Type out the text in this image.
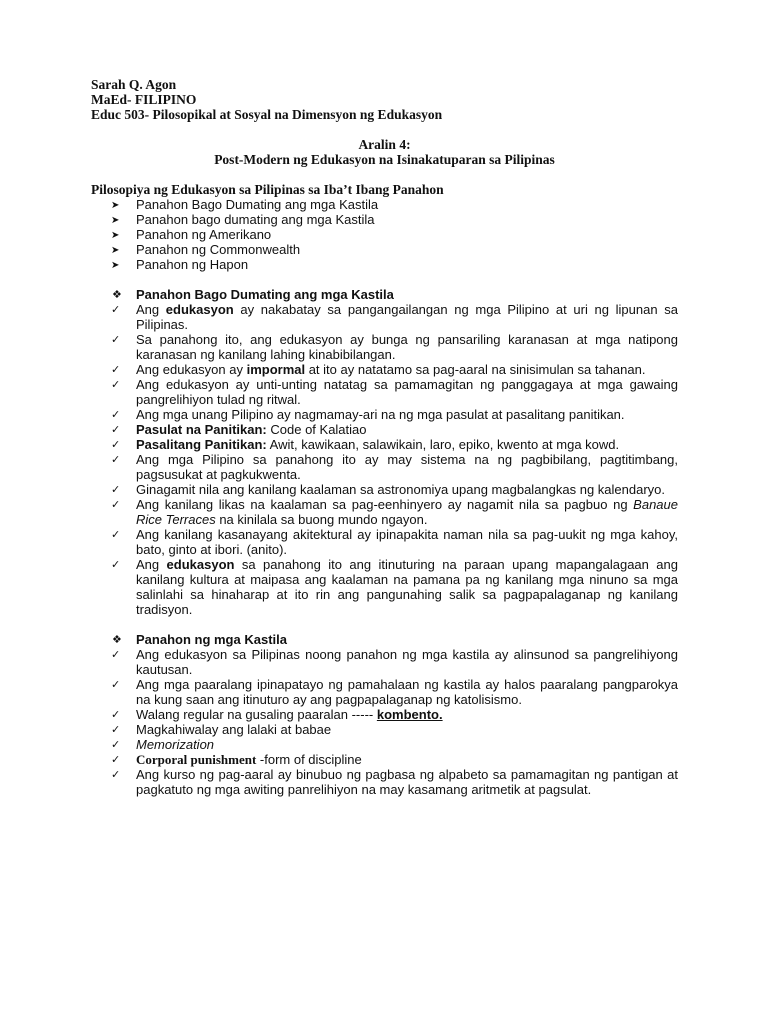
Sarah Q. Agon
MaEd- FILIPINO
Educ 503- Pilosopikal at Sosyal na Dimensyon ng Edukasyon
Aralin 4:
Post-Modern ng Edukasyon na Isinakatuparan sa Pilipinas
Pilosopiya ng Edukasyon sa Pilipinas sa Iba’t Ibang Panahon
➤	Panahon Bago Dumating ang mga Kastila
➤	Panahon bago dumating ang mga Kastila
➤	Panahon ng Amerikano
➤	Panahon ng Commonwealth
➤	Panahon ng Hapon
❖ Panahon Bago Dumating ang mga Kastila
✓	Ang edukasyon ay nakabatay sa pangangailangan ng mga Pilipino at uri ng lipunan sa Pilipinas.
✓	Sa panahong ito, ang edukasyon ay bunga ng pansariling karanasan at mga natipong karanasan ng kanilang lahing kinabibilangan.
✓	Ang edukasyon ay impormal at ito ay natatamo sa pag-aaral na sinisimulan sa tahanan.
✓	Ang edukasyon ay unti-unting natatag sa pamamagitan ng panggagaya at mga gawaing pangrelihiyon tulad ng ritwal.
✓	Ang mga unang Pilipino ay nagmamay-ari na ng mga pasulat at pasalitang panitikan.
✓	Pasulat na Panitikan: Code of Kalatiao
✓	Pasalitang Panitikan: Awit, kawikaan, salawikain, laro, epiko, kwento at mga kowd.
✓	Ang mga Pilipino sa panahong ito ay may sistema na ng pagbibilang, pagtitimbang, pagsusukat at pagkukwenta.
✓	Ginagamit nila ang kanilang kaalaman sa astronomiya upang magbalangkas ng kalendaryo.
✓	Ang kanilang likas na kaalaman sa pag-eenhinyero ay nagamit nila sa pagbuo ng Banaue Rice Terraces na kinilala sa buong mundo ngayon.
✓	Ang kanilang kasanayang akitektural ay ipinapakita naman nila sa pag-uukit ng mga kahoy, bato, ginto at ibori. (anito).
✓	Ang edukasyon sa panahong ito ang itinuturing na paraan upang mapangalagaan ang kanilang kultura at maipasa ang kaalaman na pamana pa ng kanilang mga ninuno sa mga salinlahi sa hinaharap at ito rin ang pangunahing salik sa pagpapalaganap ng kanilang tradisyon.
❖ Panahon ng mga Kastila
✓	Ang edukasyon sa Pilipinas noong panahon ng mga kastila ay alinsunod sa pangrelihiyong kautusan.
✓	Ang mga paaralang ipinapatayo ng pamahalaan ng kastila ay halos paaralang pangparokya na kung saan ang itinuturo ay ang pagpapalaganap ng katolisismo.
✓	Walang regular na gusaling paaralan ----- kombento.
✓	Magkahiwalay ang lalaki at babae
✓	Memorization
✓	Corporal punishment -form of discipline
✓	Ang kurso ng pag-aaral ay binubuo ng pagbasa ng alpabeto sa pamamagitan ng pantigan at pagkatuto ng mga awiting panrelihiyon na may kasamang aritmetik at pagsulat.
